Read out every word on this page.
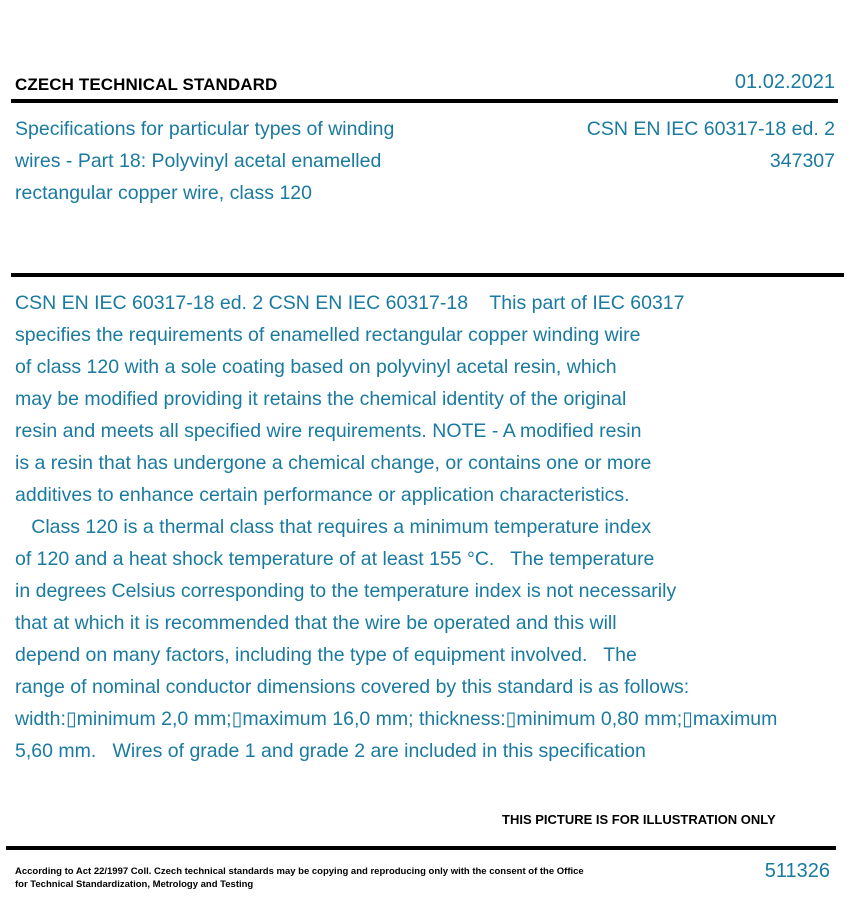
CZECH TECHNICAL STANDARD	01.02.2021
Specifications for particular types of winding
wires - Part 18: Polyvinyl acetal enamelled
rectangular copper wire, class 120
CSN EN IEC 60317-18 ed. 2
347307
CSN EN IEC 60317-18 ed. 2 CSN EN IEC 60317-18    This part of IEC 60317
specifies the requirements of enamelled rectangular copper winding wire
of class 120 with a sole coating based on polyvinyl acetal resin, which
may be modified providing it retains the chemical identity of the original
resin and meets all specified wire requirements. NOTE - A modified resin
is a resin that has undergone a chemical change, or contains one or more
additives to enhance certain performance or application characteristics.
Class 120 is a thermal class that requires a minimum temperature index
of 120 and a heat shock temperature of at least 155 °C.   The temperature
in degrees Celsius corresponding to the temperature index is not necessarily
that at which it is recommended that the wire be operated and this will
depend on many factors, including the type of equipment involved.   The
range of nominal conductor dimensions covered by this standard is as follows:
width:▯minimum 2,0 mm;▯maximum 16,0 mm; thickness:▯minimum 0,80 mm;▯maximum
5,60 mm.   Wires of grade 1 and grade 2 are included in this specification
THIS PICTURE IS FOR ILLUSTRATION ONLY
According to Act 22/1997 Coll. Czech technical standards may be copying and reproducing only with the consent of the Office
for Technical Standardization, Metrology and Testing
511326
